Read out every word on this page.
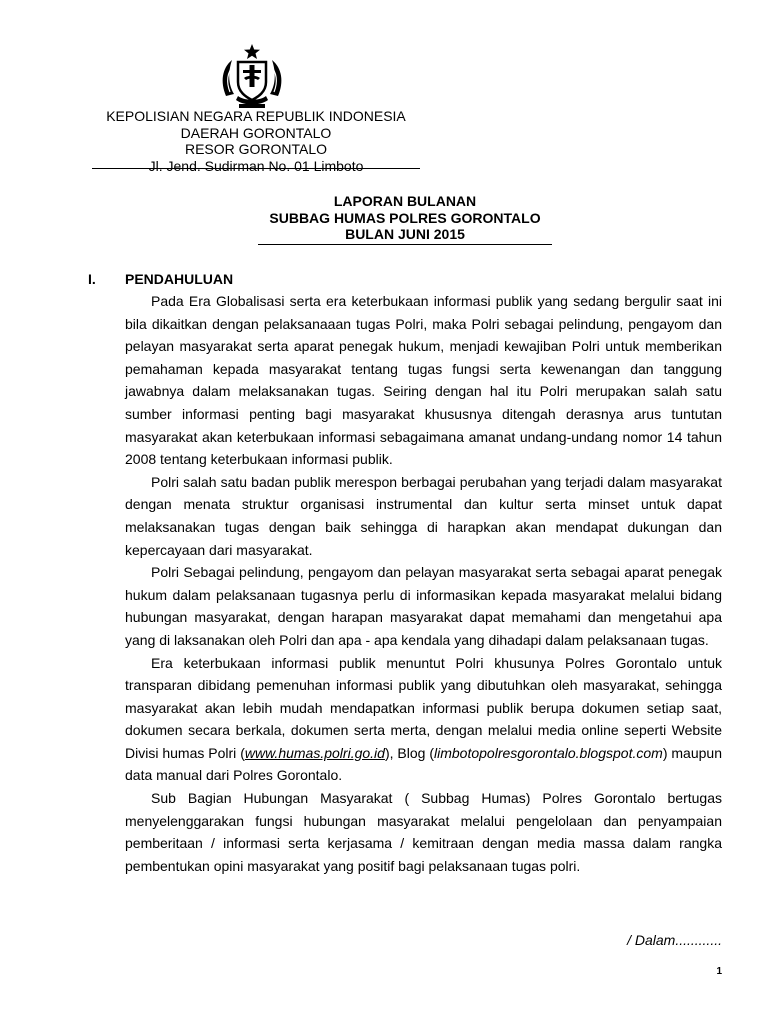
KEPOLISIAN NEGARA REPUBLIK INDONESIA
DAERAH GORONTALO
RESOR GORONTALO
Jl. Jend. Sudirman No. 01 Limboto
LAPORAN BULANAN
SUBBAG HUMAS POLRES GORONTALO
BULAN JUNI 2015
I. PENDAHULUAN

Pada Era Globalisasi serta era keterbukaan informasi publik yang sedang bergulir saat ini bila dikaitkan dengan pelaksanaaan tugas Polri, maka Polri sebagai pelindung, pengayom dan pelayan masyarakat serta aparat penegak hukum, menjadi kewajiban Polri untuk memberikan pemahaman kepada masyarakat tentang tugas fungsi serta kewenangan dan tanggung jawabnya dalam melaksanakan tugas. Seiring dengan hal itu Polri merupakan salah satu sumber informasi penting bagi masyarakat khususnya ditengah derasnya arus tuntutan masyarakat akan keterbukaan informasi sebagaimana amanat undang-undang nomor 14 tahun 2008 tentang keterbukaan informasi publik.

Polri salah satu badan publik merespon berbagai perubahan yang terjadi dalam masyarakat dengan menata struktur organisasi instrumental dan kultur serta minset untuk dapat melaksanakan tugas dengan baik sehingga di harapkan akan mendapat dukungan dan kepercayaan dari masyarakat.

Polri Sebagai pelindung, pengayom dan pelayan masyarakat serta sebagai aparat penegak hukum dalam pelaksanaan tugasnya perlu di informasikan kepada masyarakat melalui bidang hubungan masyarakat, dengan harapan masyarakat dapat memahami dan mengetahui apa yang di laksanakan oleh Polri dan apa - apa kendala yang dihadapi dalam pelaksanaan tugas.

Era keterbukaan informasi publik menuntut Polri khusunya Polres Gorontalo untuk transparan dibidang pemenuhan informasi publik yang dibutuhkan oleh masyarakat, sehingga masyarakat akan lebih mudah mendapatkan informasi publik berupa dokumen setiap saat, dokumen secara berkala, dokumen serta merta, dengan melalui media online seperti Website Divisi humas Polri (www.humas.polri.go.id), Blog (limbotopolresgorontalo.blogspot.com) maupun data manual dari Polres Gorontalo.

Sub Bagian Hubungan Masyarakat ( Subbag Humas) Polres Gorontalo bertugas menyelenggarakan fungsi hubungan masyarakat melalui pengelolaan dan penyampaian pemberitaan / informasi serta kerjasama / kemitraan dengan media massa dalam rangka pembentukan opini masyarakat yang positif bagi pelaksanaan tugas polri.

/ Dalam............
1
